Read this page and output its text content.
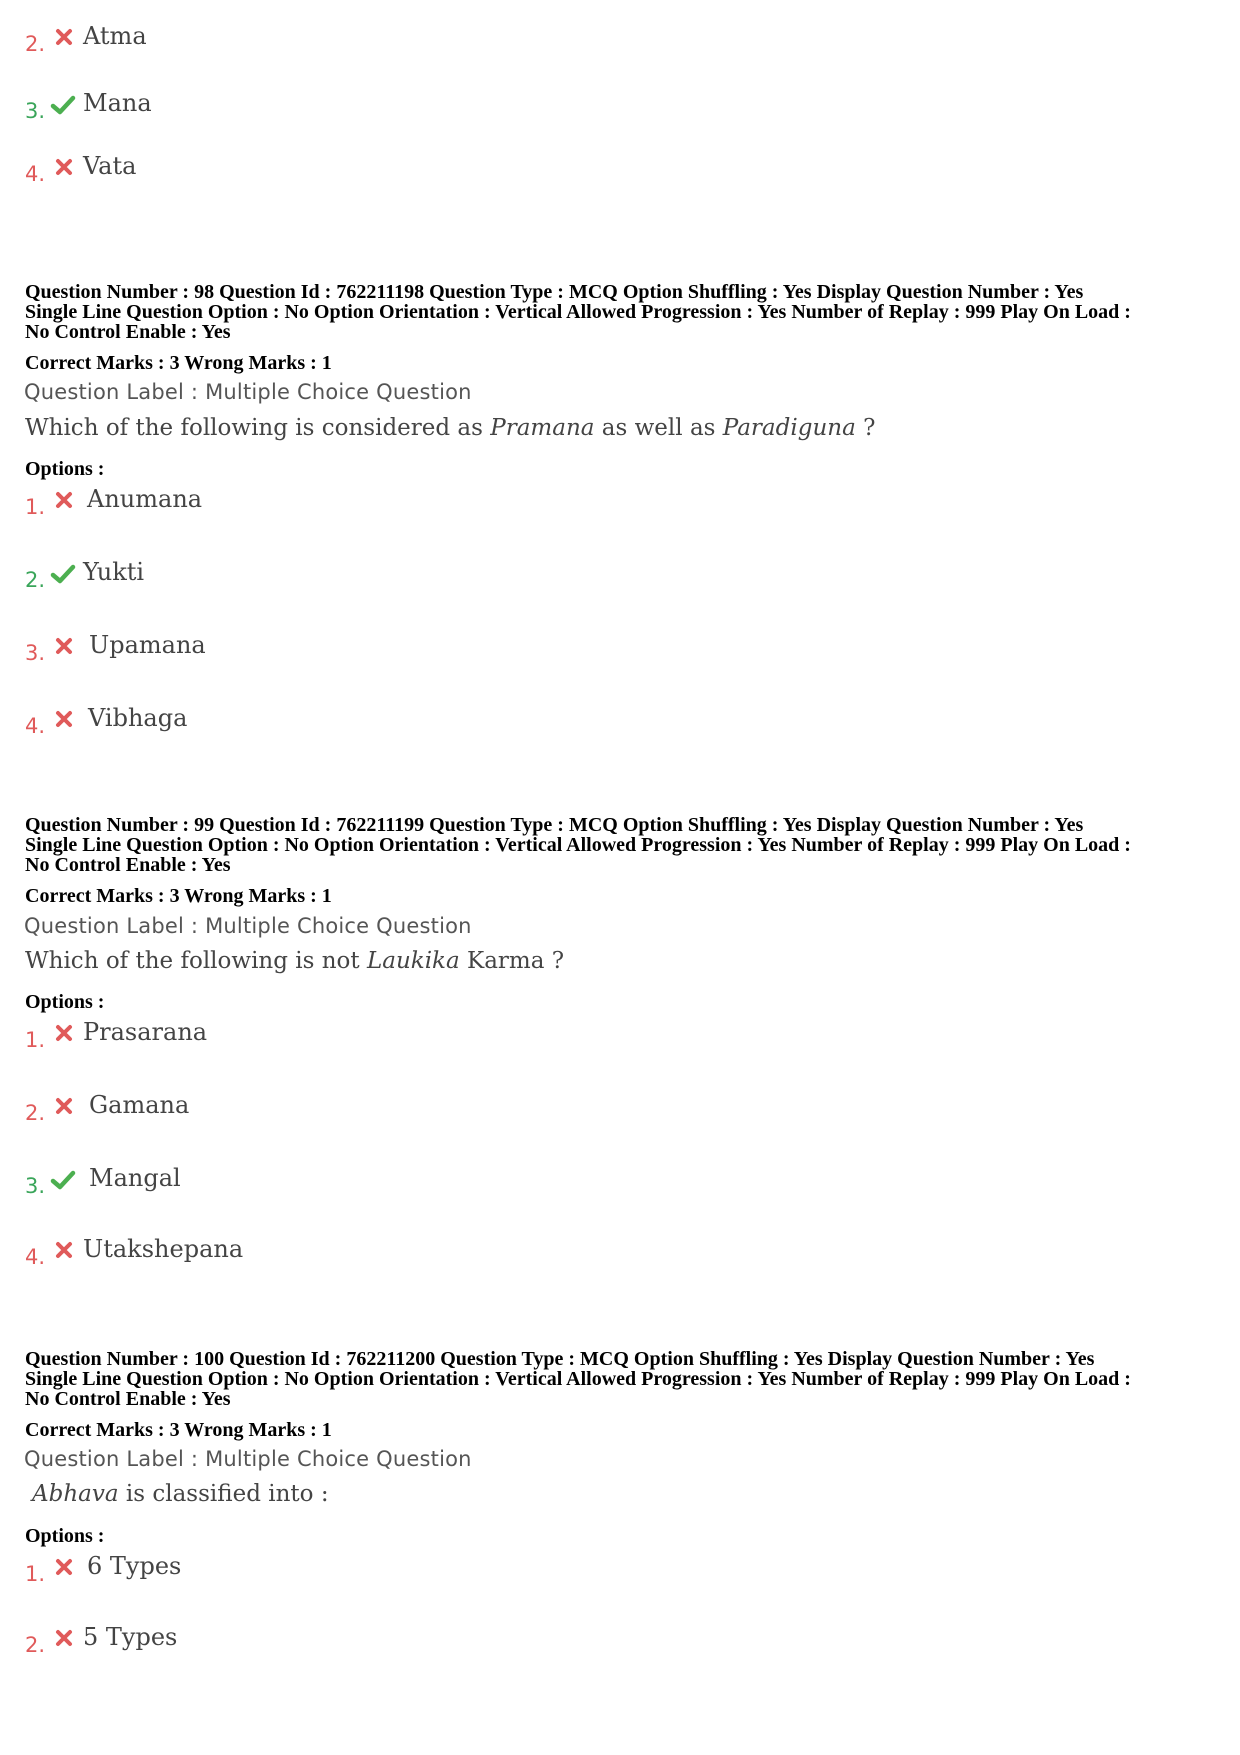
2. Atma
3. Mana
4. Vata
Question Number : 98 Question Id : 762211198 Question Type : MCQ Option Shuffling : Yes Display Question Number : Yes
Single Line Question Option : No Option Orientation : Vertical Allowed Progression : Yes Number of Replay : 999 Play On Load :
No Control Enable : Yes
Correct Marks : 3 Wrong Marks : 1
Question Label : Multiple Choice Question
Which of the following is considered as Pramana as well as Paradiguna ?
Options :
1. Anumana
2. Yukti
3. Upamana
4. Vibhaga
Question Number : 99 Question Id : 762211199 Question Type : MCQ Option Shuffling : Yes Display Question Number : Yes
Single Line Question Option : No Option Orientation : Vertical Allowed Progression : Yes Number of Replay : 999 Play On Load :
No Control Enable : Yes
Correct Marks : 3 Wrong Marks : 1
Question Label : Multiple Choice Question
Which of the following is not Laukika Karma ?
Options :
1. Prasarana
2. Gamana
3. Mangal
4. Utakshepana
Question Number : 100 Question Id : 762211200 Question Type : MCQ Option Shuffling : Yes Display Question Number : Yes
Single Line Question Option : No Option Orientation : Vertical Allowed Progression : Yes Number of Replay : 999 Play On Load :
No Control Enable : Yes
Correct Marks : 3 Wrong Marks : 1
Question Label : Multiple Choice Question
Abhava is classified into :
Options :
1. 6 Types
2. 5 Types
